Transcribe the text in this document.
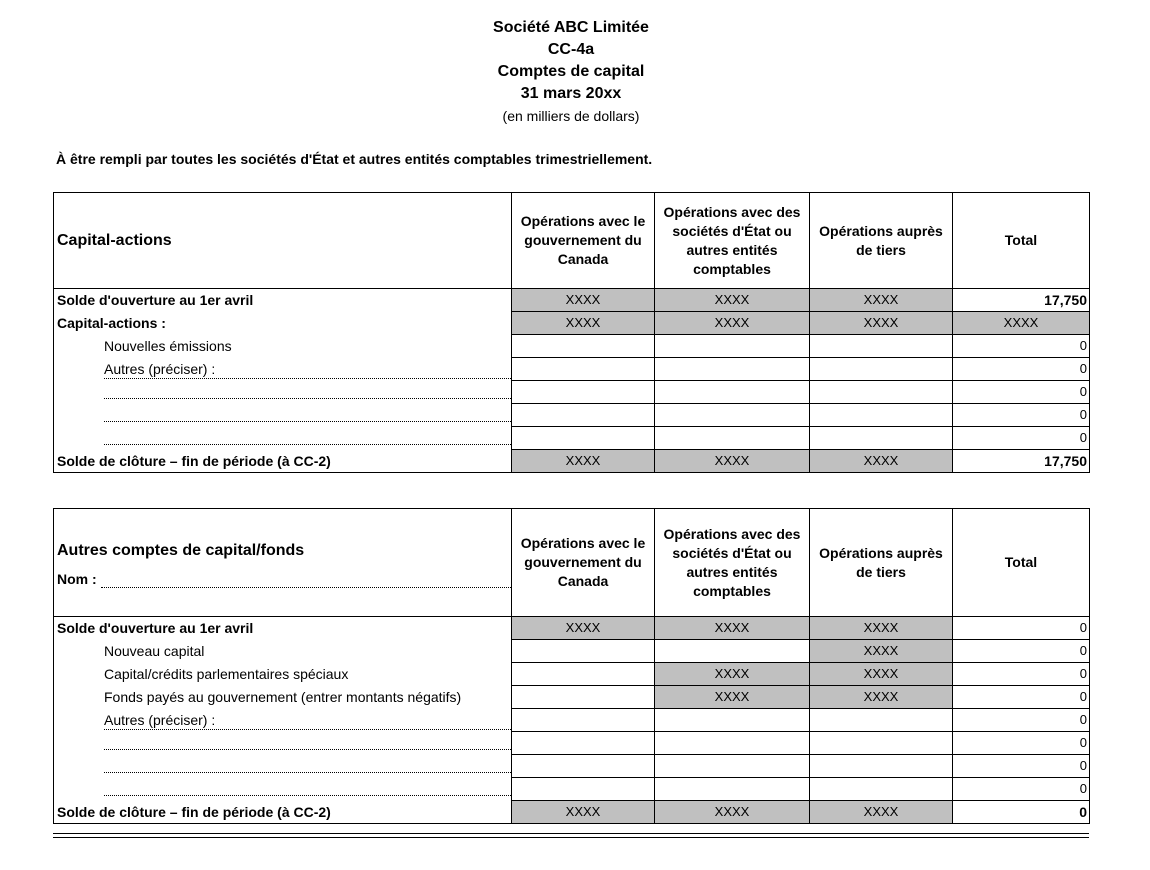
Société ABC Limitée
CC-4a
Comptes de capital
31 mars 20xx
(en milliers de dollars)
À être rempli par toutes les sociétés d'État et autres entités comptables trimestriellement.
Capital-actions	Opérations avec le gouvernement du Canada	Opérations avec des sociétés d'État ou autres entités comptables	Opérations auprès de tiers	Total
Solde d'ouverture au 1er avril	XXXX	XXXX	XXXX	17,750
Capital-actions :	XXXX	XXXX	XXXX	XXXX
Nouvelles émissions				0
Autres (préciser) :				0
				0
				0
				0
Solde de clôture – fin de période (à CC-2)	XXXX	XXXX	XXXX	17,750
Autres comptes de capital/fonds
Nom :	Opérations avec le gouvernement du Canada	Opérations avec des sociétés d'État ou autres entités comptables	Opérations auprès de tiers	Total
Solde d'ouverture au 1er avril	XXXX	XXXX	XXXX	0
Nouveau capital			XXXX	0
Capital/crédits parlementaires spéciaux		XXXX	XXXX	0
Fonds payés au gouvernement (entrer montants négatifs)		XXXX	XXXX	0
Autres (préciser) :				0
				0
				0
				0
Solde de clôture – fin de période (à CC-2)	XXXX	XXXX	XXXX	0
